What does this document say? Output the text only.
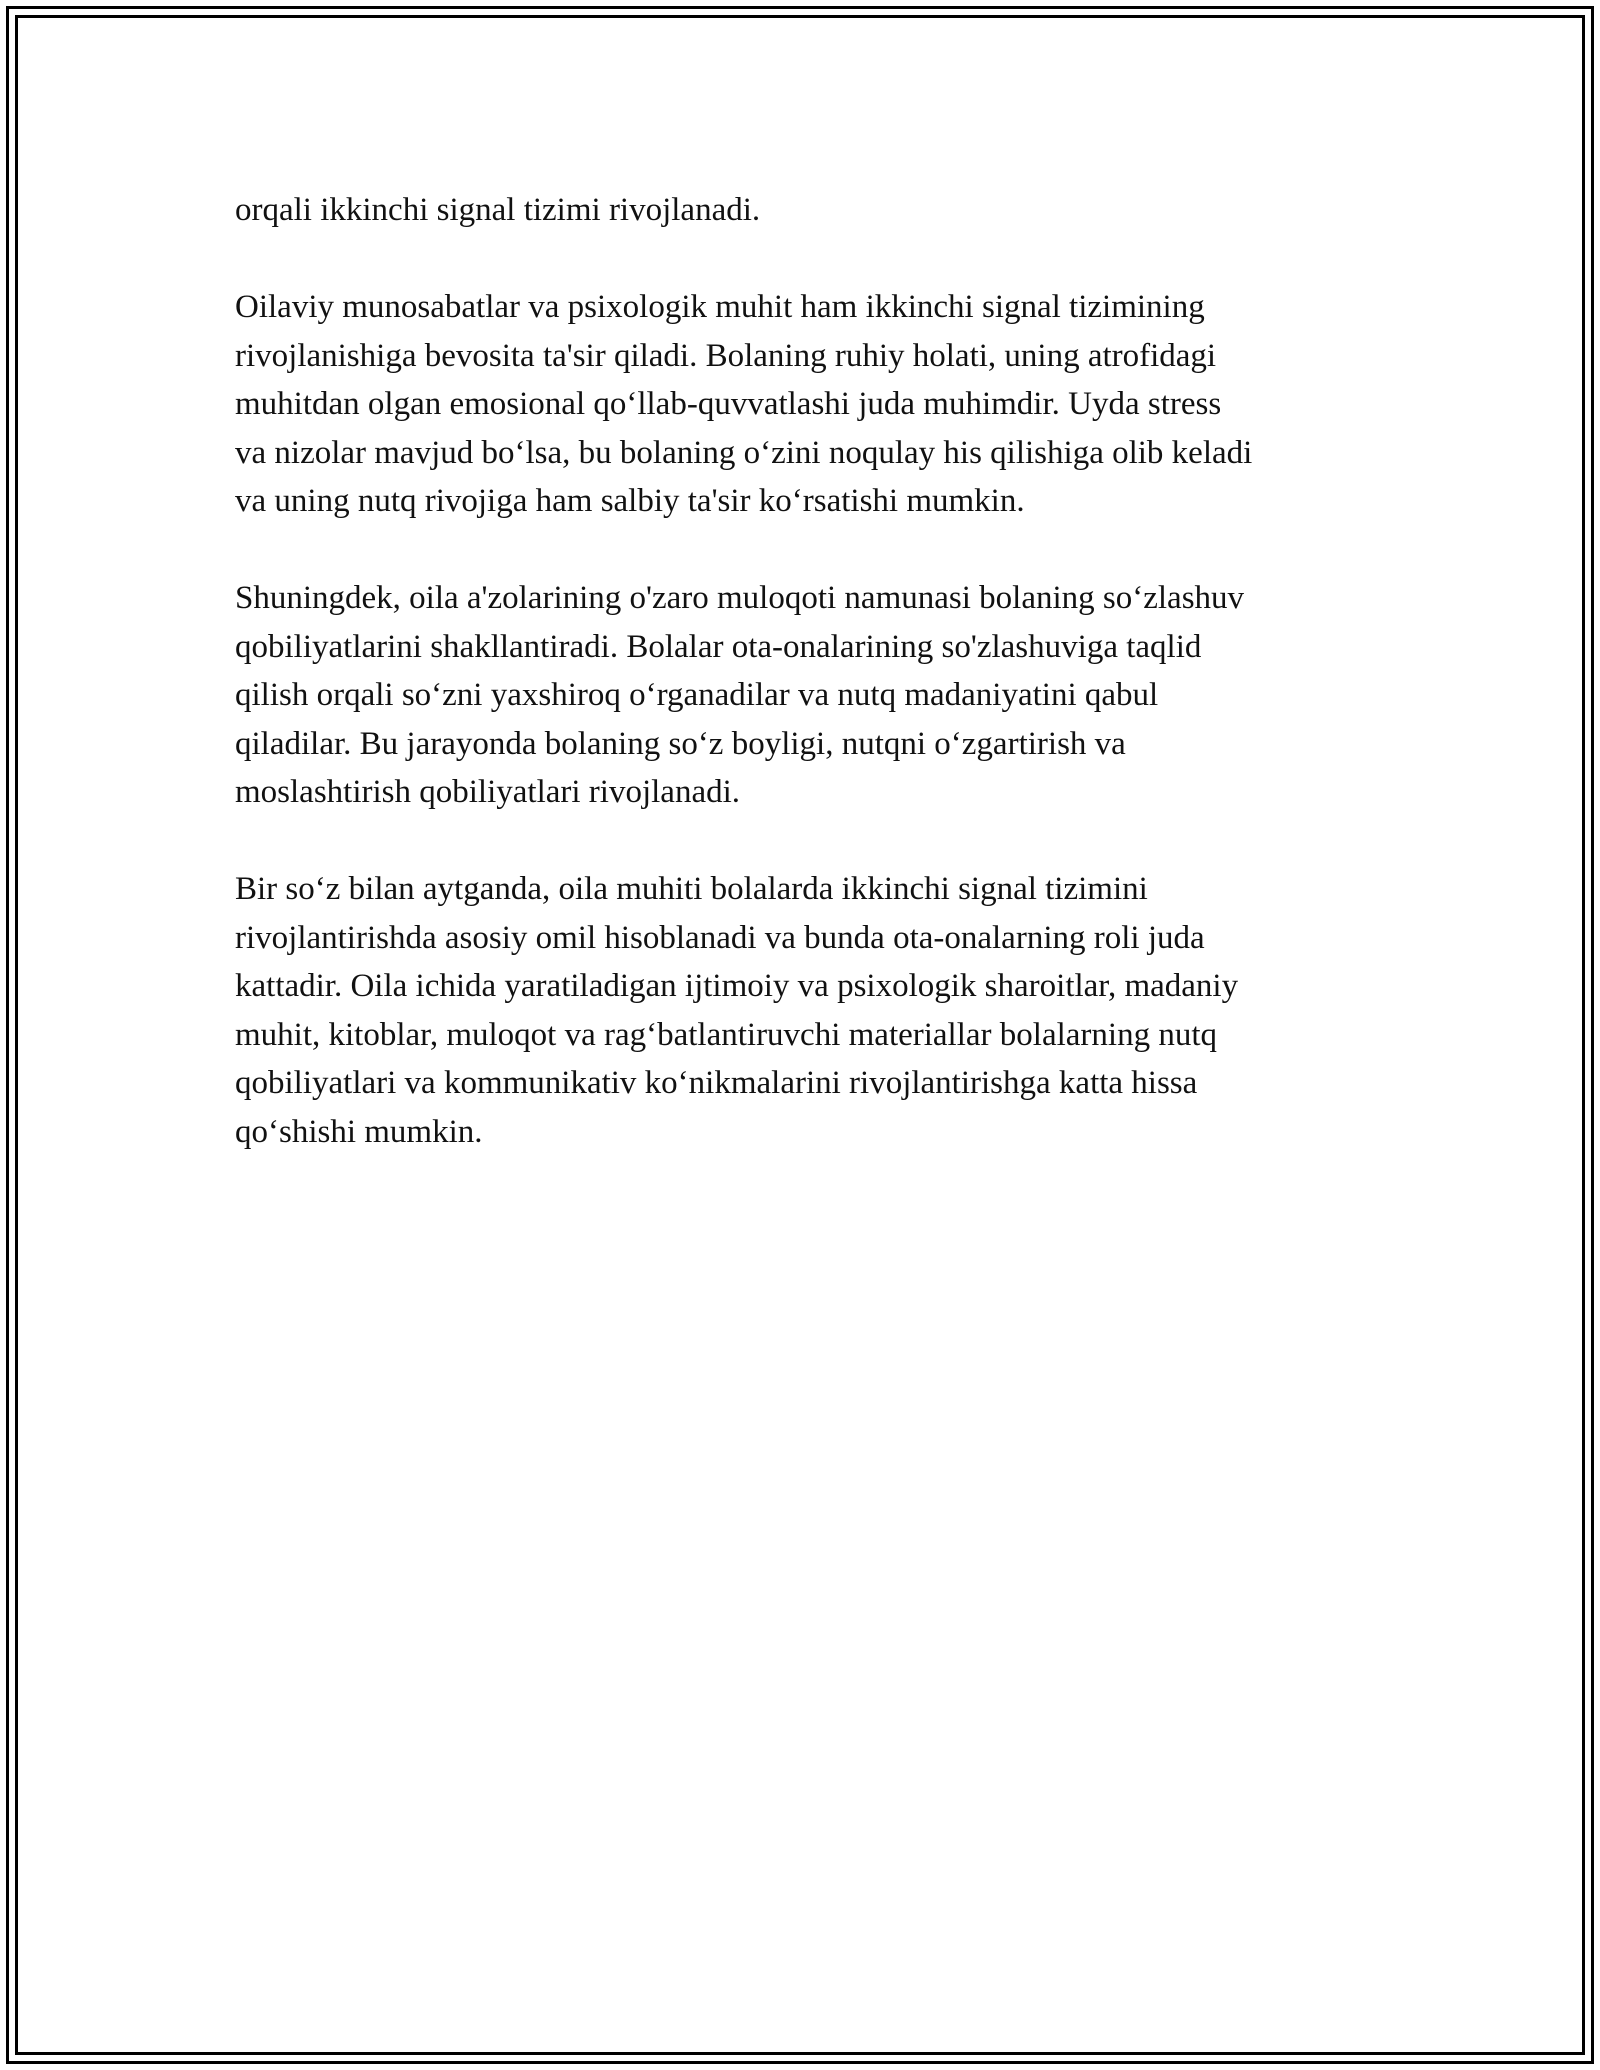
orqali ikkinchi signal tizimi rivojlanadi.

Oilaviy munosabatlar va psixologik muhit ham ikkinchi signal tizimining
rivojlanishiga bevosita ta'sir qiladi. Bolaning ruhiy holati, uning atrofidagi
muhitdan olgan emosional qo‘llab-quvvatlashi juda muhimdir. Uyda stress
va nizolar mavjud bo‘lsa, bu bolaning o‘zini noqulay his qilishiga olib keladi
va uning nutq rivojiga ham salbiy ta'sir ko‘rsatishi mumkin.

Shuningdek, oila a'zolarining o'zaro muloqoti namunasi bolaning so‘zlashuv
qobiliyatlarini shakllantiradi. Bolalar ota-onalarining so'zlashuviga taqlid
qilish orqali so‘zni yaxshiroq o‘rganadilar va nutq madaniyatini qabul
qiladilar. Bu jarayonda bolaning so‘z boyligi, nutqni o‘zgartirish va
moslashtirish qobiliyatlari rivojlanadi.

Bir so‘z bilan aytganda, oila muhiti bolalarda ikkinchi signal tizimini
rivojlantirishda asosiy omil hisoblanadi va bunda ota-onalarning roli juda
kattadir. Oila ichida yaratiladigan ijtimoiy va psixologik sharoitlar, madaniy
muhit, kitoblar, muloqot va rag‘batlantiruvchi materiallar bolalarning nutq
qobiliyatlari va kommunikativ ko‘nikmalarini rivojlantirishga katta hissa
qo‘shishi mumkin.
